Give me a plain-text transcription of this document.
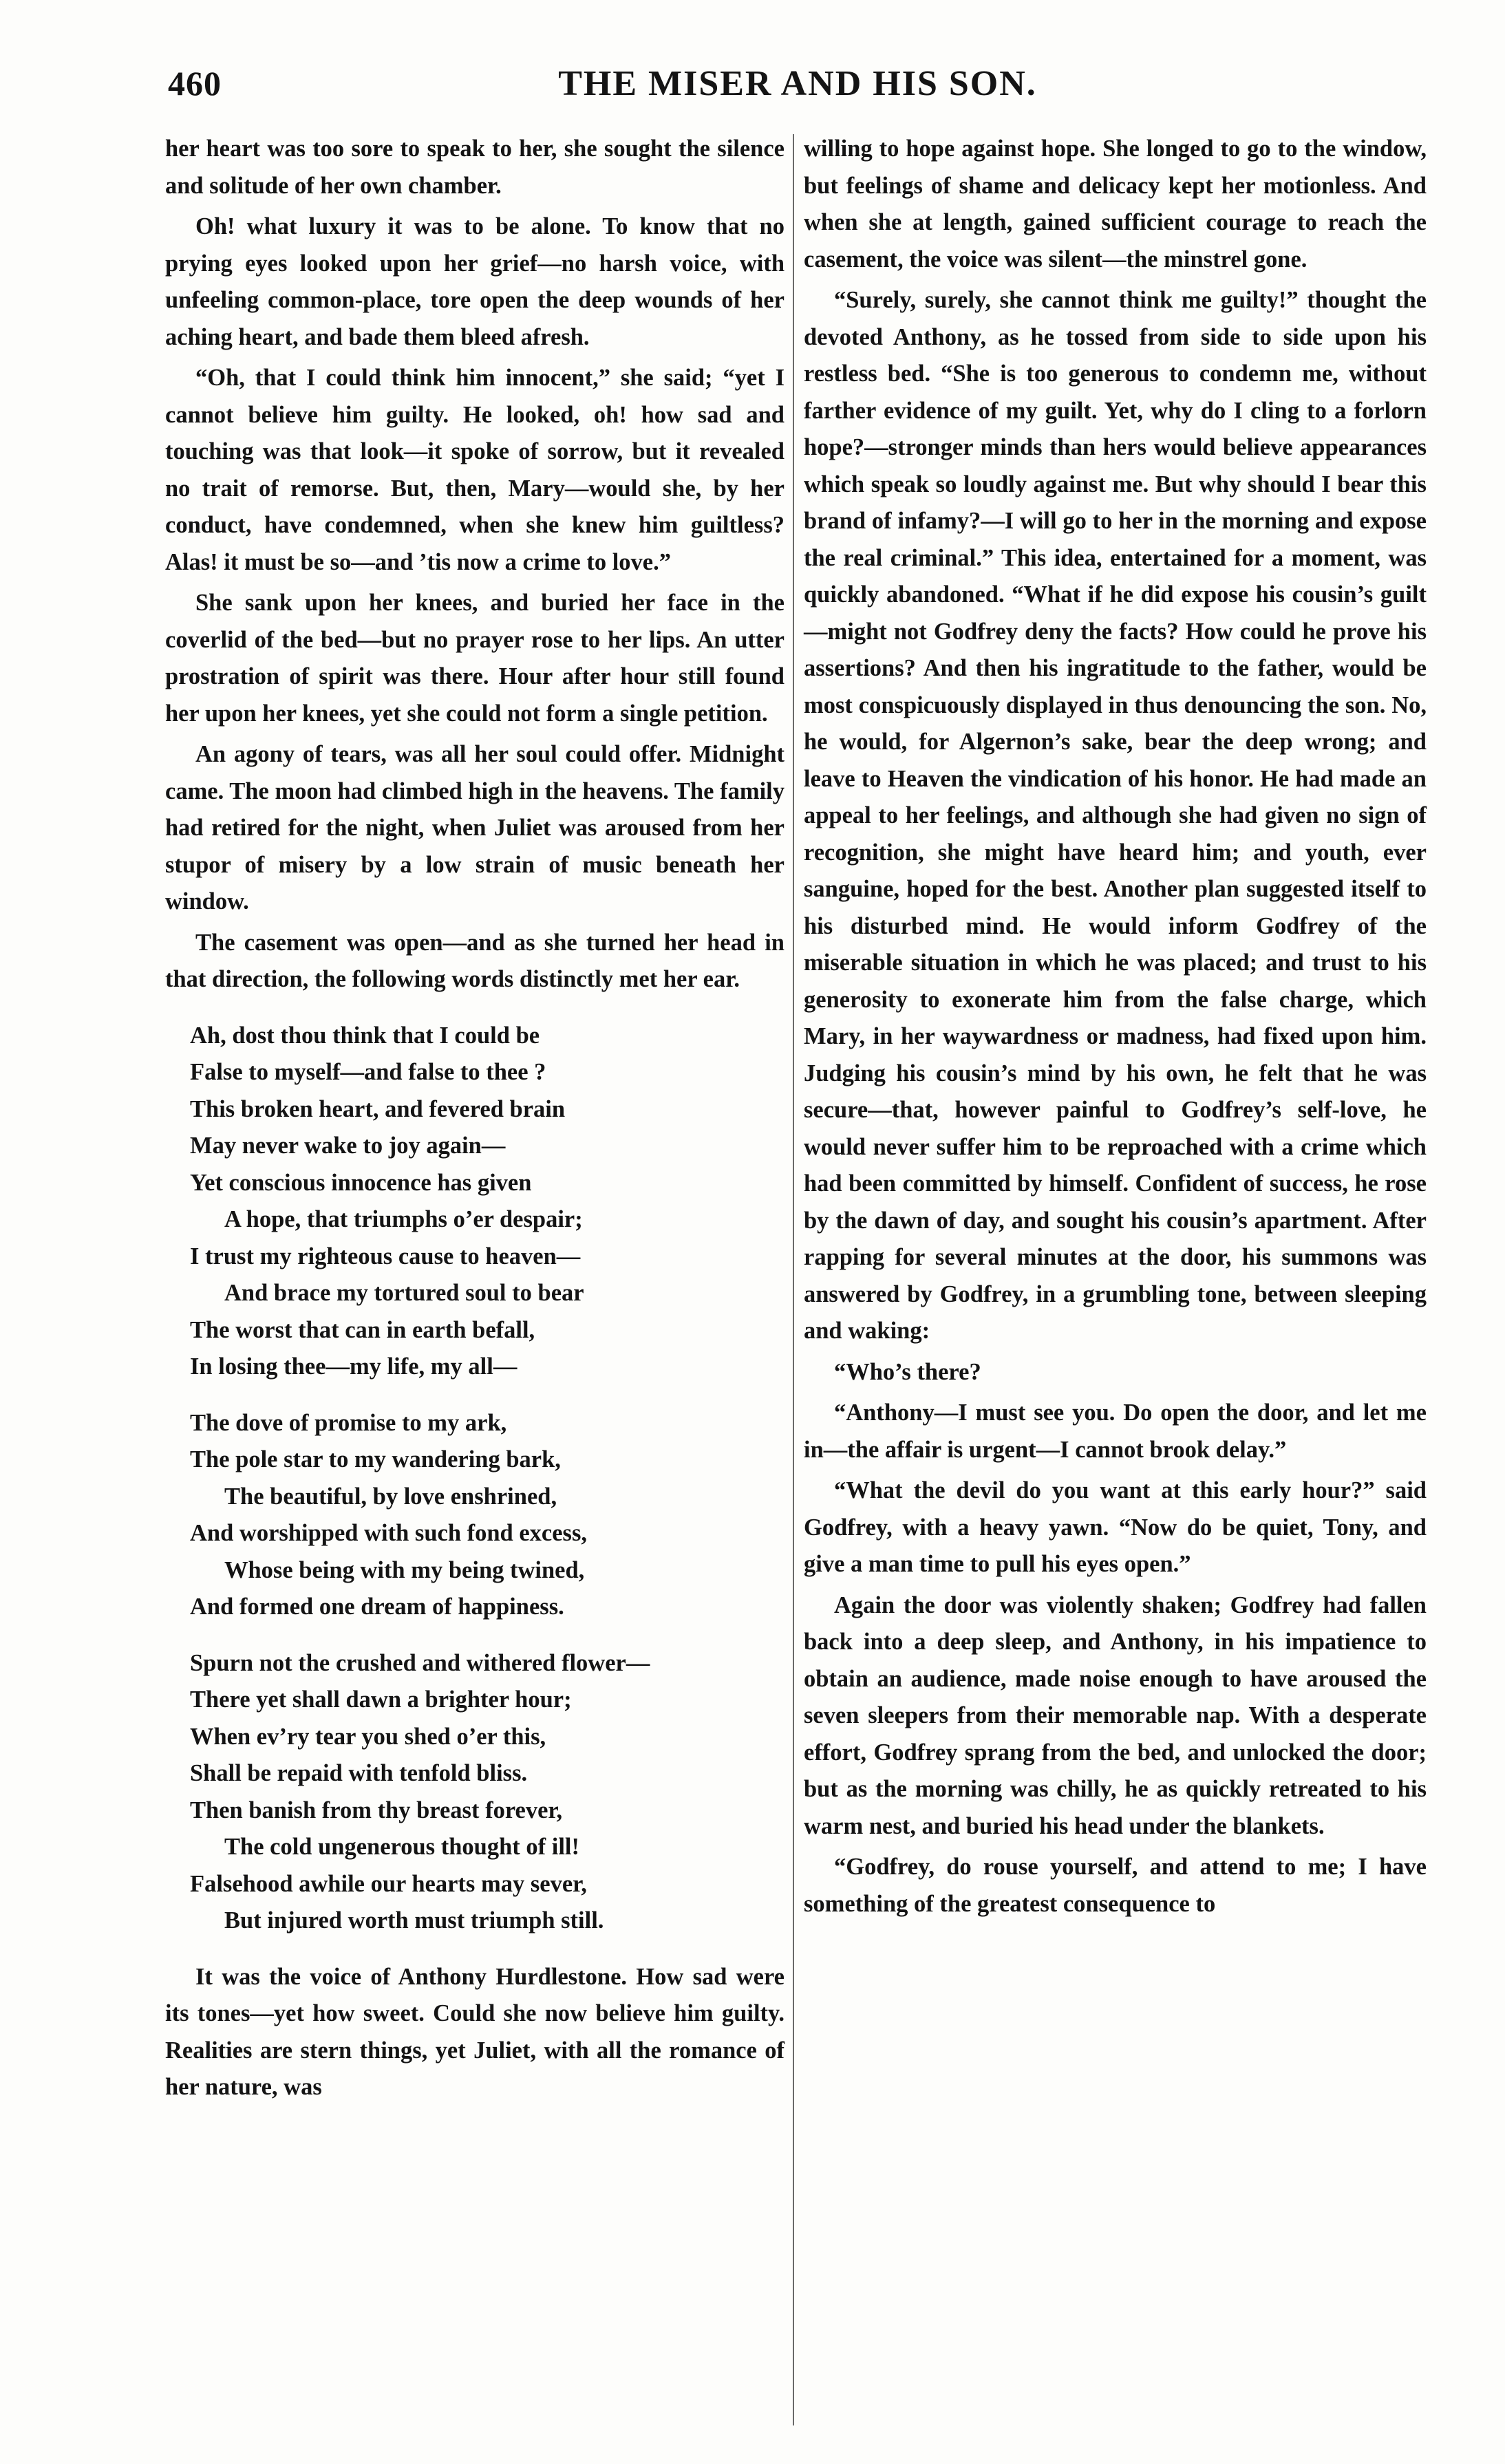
460	THE MISER AND HIS SON.

her heart was too sore to speak to her, she sought the silence and solitude of her own chamber.

Oh! what luxury it was to be alone. To know that no prying eyes looked upon her grief—no harsh voice, with unfeeling common-place, tore open the deep wounds of her aching heart, and bade them bleed afresh.

“Oh, that I could think him innocent,” she said; “yet I cannot believe him guilty. He looked, oh! how sad and touching was that look—it spoke of sorrow, but it revealed no trait of remorse. But, then, Mary—would she, by her conduct, have condemned, when she knew him guiltless? Alas! it must be so—and ’tis now a crime to love.”

She sank upon her knees, and buried her face in the coverlid of the bed—but no prayer rose to her lips. An utter prostration of spirit was there. Hour after hour still found her upon her knees, yet she could not form a single petition.

An agony of tears, was all her soul could offer. Midnight came. The moon had climbed high in the heavens. The family had retired for the night, when Juliet was aroused from her stupor of misery by a low strain of music beneath her window.

The casement was open—and as she turned her head in that direction, the following words distinctly met her ear.

Ah, dost thou think that I could be
False to myself—and false to thee ?
This broken heart, and fevered brain
May never wake to joy again—
Yet conscious innocence has given
A hope, that triumphs o’er despair;
I trust my righteous cause to heaven—
And brace my tortured soul to bear
The worst that can in earth befall,
In losing thee—my life, my all—
The dove of promise to my ark,
The pole star to my wandering bark,
The beautiful, by love enshrined,
And worshipped with such fond excess,
Whose being with my being twined,
And formed one dream of happiness.
Spurn not the crushed and withered flower—
There yet shall dawn a brighter hour;
When ev’ry tear you shed o’er this,
Shall be repaid with tenfold bliss.
Then banish from thy breast forever,
The cold ungenerous thought of ill!
Falsehood awhile our hearts may sever,
But injured worth must triumph still.

It was the voice of Anthony Hurdlestone. How sad were its tones—yet how sweet. Could she now believe him guilty. Realities are stern things, yet Juliet, with all the romance of her nature, was

willing to hope against hope. She longed to go to the window, but feelings of shame and delicacy kept her motionless. And when she at length, gained sufficient courage to reach the casement, the voice was silent—the minstrel gone.

“Surely, surely, she cannot think me guilty!” thought the devoted Anthony, as he tossed from side to side upon his restless bed. “She is too generous to condemn me, without farther evidence of my guilt. Yet, why do I cling to a forlorn hope?—stronger minds than hers would believe appearances which speak so loudly against me. But why should I bear this brand of infamy?—I will go to her in the morning and expose the real criminal.” This idea, entertained for a moment, was quickly abandoned. “What if he did expose his cousin’s guilt—might not Godfrey deny the facts? How could he prove his assertions? And then his ingratitude to the father, would be most conspicuously displayed in thus denouncing the son. No, he would, for Algernon’s sake, bear the deep wrong; and leave to Heaven the vindication of his honor. He had made an appeal to her feelings, and although she had given no sign of recognition, she might have heard him; and youth, ever sanguine, hoped for the best. Another plan suggested itself to his disturbed mind. He would inform Godfrey of the miserable situation in which he was placed; and trust to his generosity to exonerate him from the false charge, which Mary, in her waywardness or madness, had fixed upon him. Judging his cousin’s mind by his own, he felt that he was secure—that, however painful to Godfrey’s self-love, he would never suffer him to be reproached with a crime which had been committed by himself. Confident of success, he rose by the dawn of day, and sought his cousin’s apartment. After rapping for several minutes at the door, his summons was answered by Godfrey, in a grumbling tone, between sleeping and waking:

“Who’s there?

“Anthony—I must see you. Do open the door, and let me in—the affair is urgent—I cannot brook delay.”

“What the devil do you want at this early hour?” said Godfrey, with a heavy yawn. “Now do be quiet, Tony, and give a man time to pull his eyes open.”

Again the door was violently shaken; Godfrey had fallen back into a deep sleep, and Anthony, in his impatience to obtain an audience, made noise enough to have aroused the seven sleepers from their memorable nap. With a desperate effort, Godfrey sprang from the bed, and unlocked the door; but as the morning was chilly, he as quickly retreated to his warm nest, and buried his head under the blankets.

“Godfrey, do rouse yourself, and attend to me; I have something of the greatest consequence to
